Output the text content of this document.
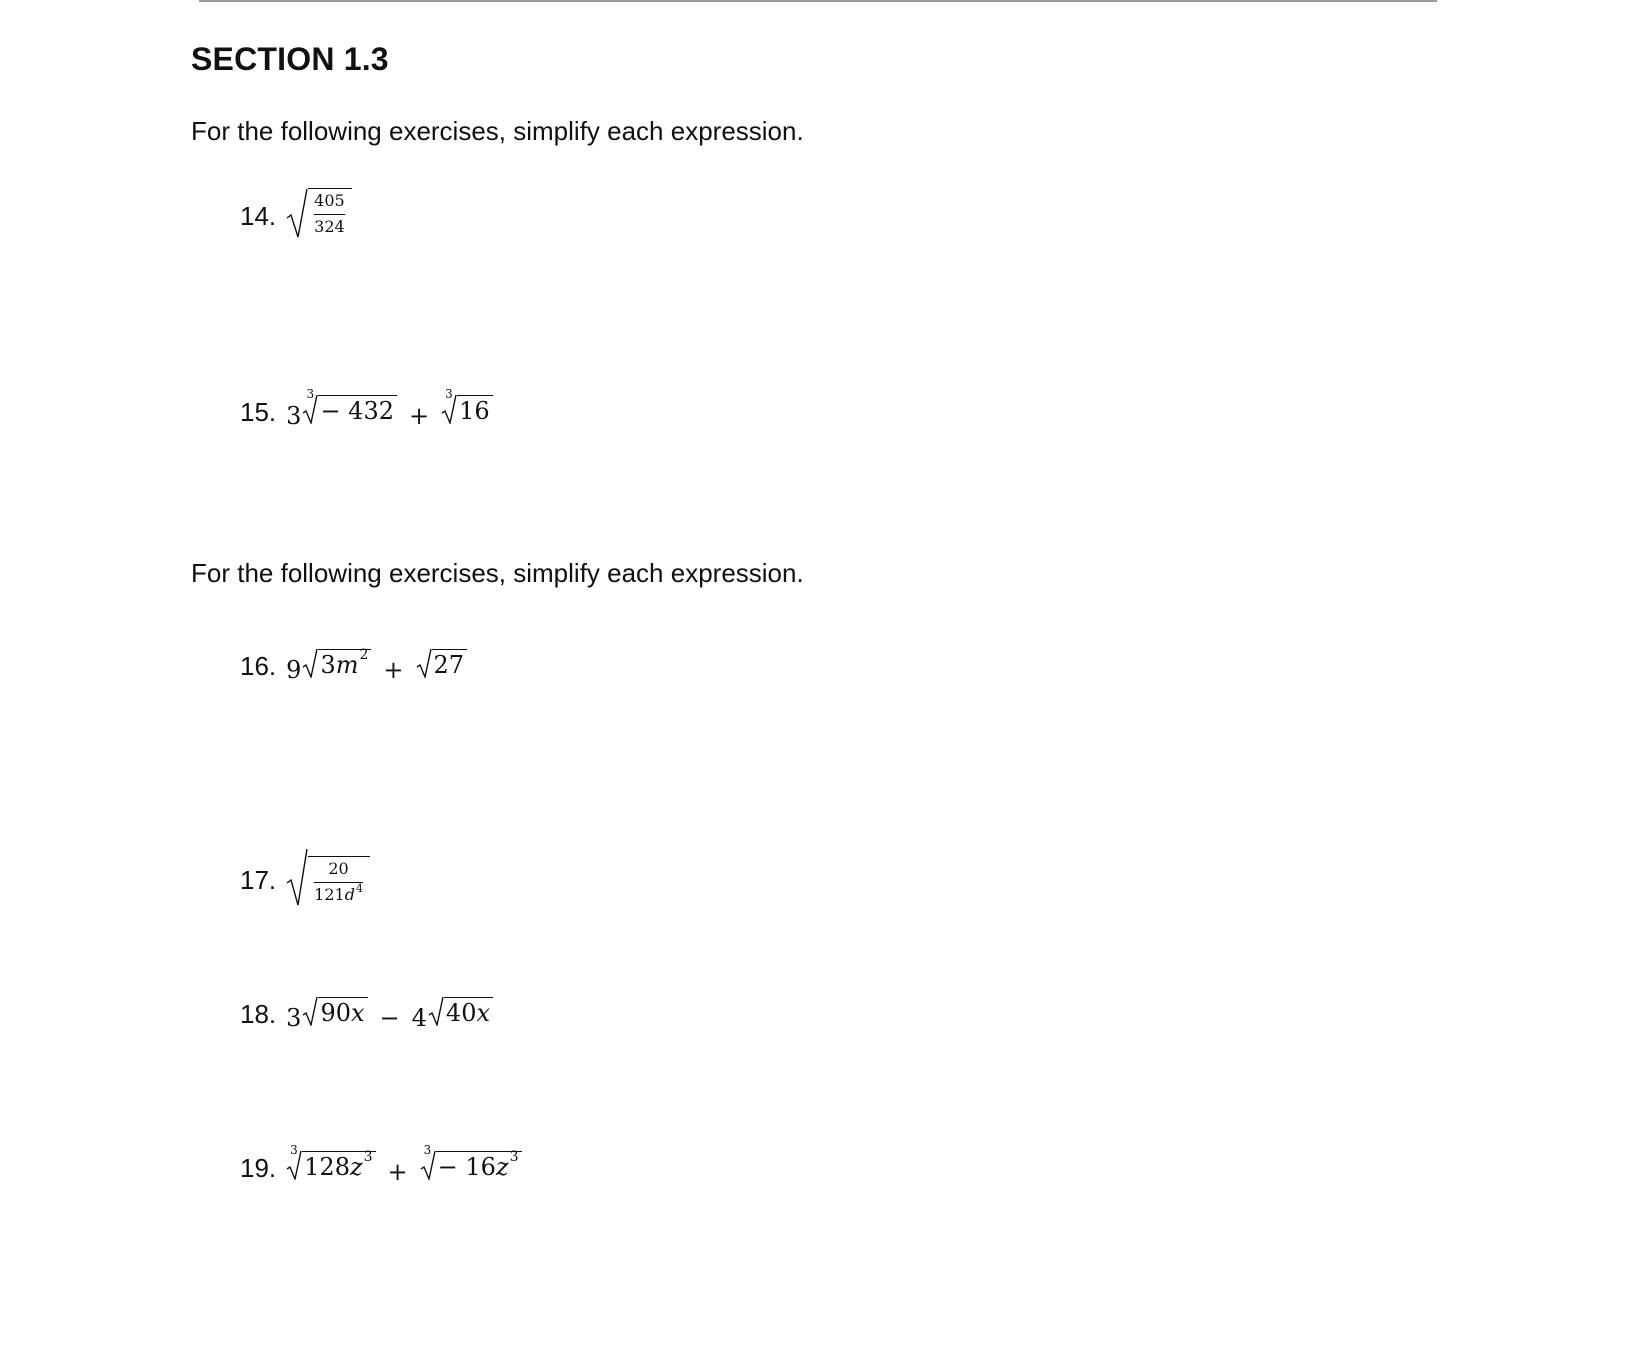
SECTION 1.3
For the following exercises, simplify each expression.
14. $\frac{405}{324}$
15. 3
3
− 432 +
3
16
For the following exercises, simplify each expression.
16. 9 3 m 2
+ 27
17. $\frac{20}{121d^4}$
18. 3 90 x − 4 40 x
19.
3
128 z 3
+
3
− 16 z 3
